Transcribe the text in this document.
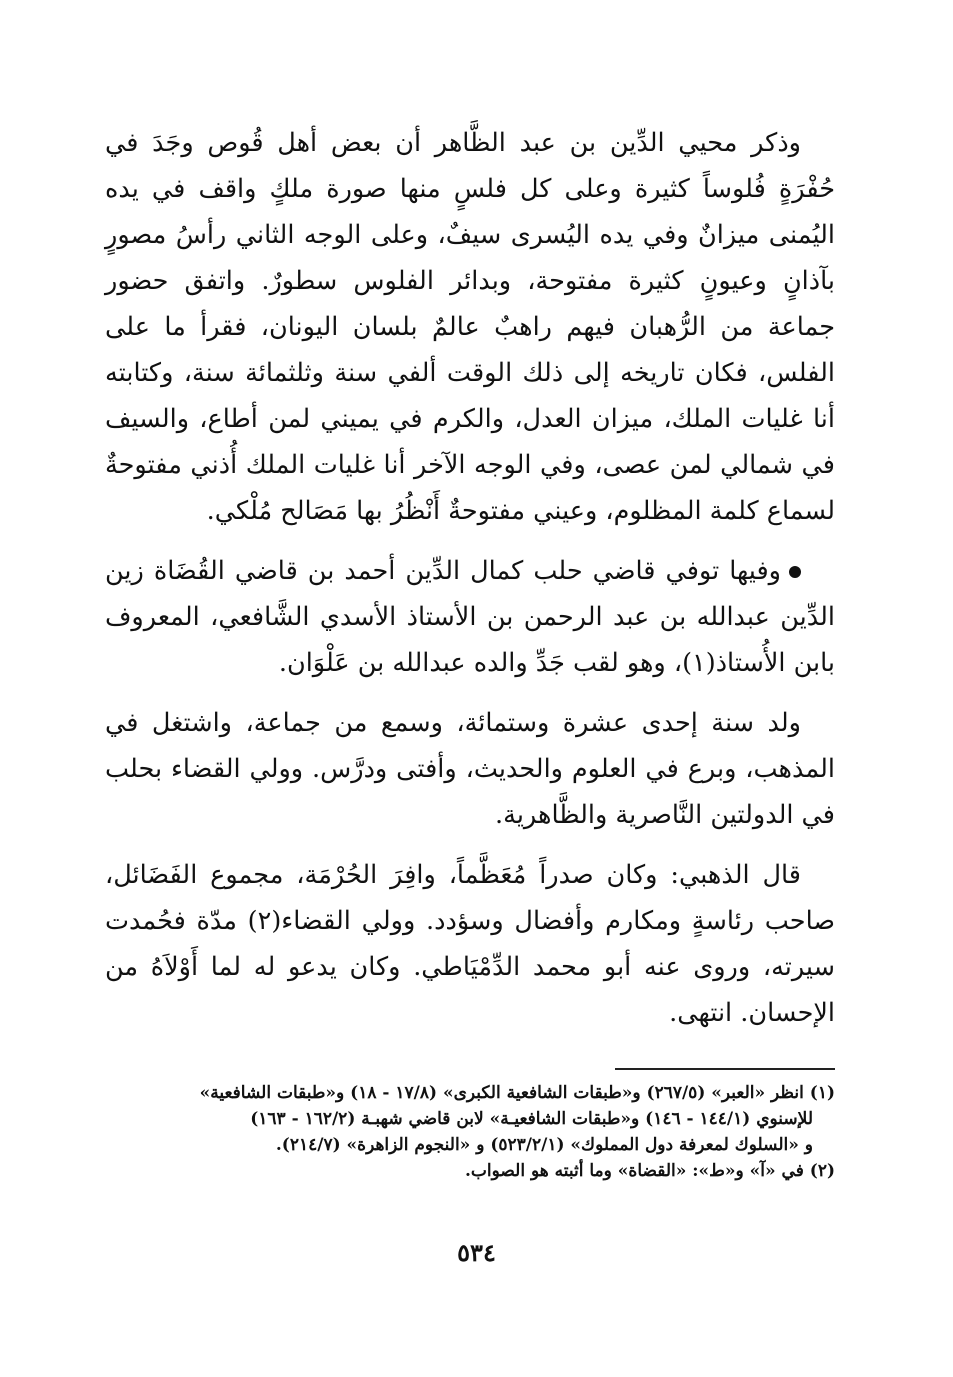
وذكر محيي الدِّين بن عبد الظَّاهر أن بعض أهل قُوص وجَدَ في حُفْرَةٍ فُلوساً كثيرة وعلى كل فلسٍ منها صورة ملكٍ واقف في يده اليُمنى ميزانٌ وفي يده اليُسرى سيفٌ، وعلى الوجه الثاني رأسُ مصورٍ بآذانٍ وعيونٍ كثيرة مفتوحة، وبدائر الفلوس سطورٌ. واتفق حضور جماعة من الرُّهبان فيهم راهبٌ عالمٌ بلسان اليونان، فقرأ ما على الفلس، فكان تاريخه إلى ذلك الوقت ألفي سنة وثلثمائة سنة، وكتابته أنا غليات الملك، ميزان العدل، والكرم في يميني لمن أطاع، والسيف في شمالي لمن عصى، وفي الوجه الآخر أنا غليات الملك أُذني مفتوحةٌ لسماع كلمة المظلوم، وعيني مفتوحةٌ أَنْظُرُ بها مَصَالح مُلْكي.

وفيها توفي قاضي حلب كمال الدِّين أحمد بن قاضي القُضَاة زين الدِّين عبدالله بن عبد الرحمن بن الأستاذ الأسدي الشَّافعي، المعروف بابن الأُستاذ(١)، وهو لقب جَدِّ والده عبدالله بن عَلْوَان.

ولد سنة إحدى عشرة وستمائة، وسمع من جماعة، واشتغل في المذهب، وبرع في العلوم والحديث، وأفتى ودرَّس. وولي القضاء بحلب في الدولتين النَّاصرية والظَّاهرية.

قال الذهبي: وكان صدراً مُعَظَّماً، وافِرَ الحُرْمَة، مجموع الفَضَائل، صاحب رئاسةٍ ومكارم وأفضال وسؤدد. وولي القضاء(٢) مدّة فحُمدت سيرته، وروى عنه أبو محمد الدِّمْيَاطي. وكان يدعو له لما أَوْلاَهُ من الإحسان. انتهى.

(١) انظر «العبر» (٢٦٧/٥) و«طبقات الشافعية الكبرى» (١٧/٨ - ١٨) و«طبقات الشافعية»

للإسنوي (١٤٤/١ - ١٤٦) و«طبقات الشافعيـة» لابن قاضي شهبـة (١٦٢/٢ - ١٦٣)

و «السلوك لمعرفة دول المملوك» (٥٢٣/٢/١) و «النجوم الزاهرة» (٢١٤/٧).

(٢) في «آ» و«ط»: «القضاة» وما أثبته هو الصواب.

٥٣٤
